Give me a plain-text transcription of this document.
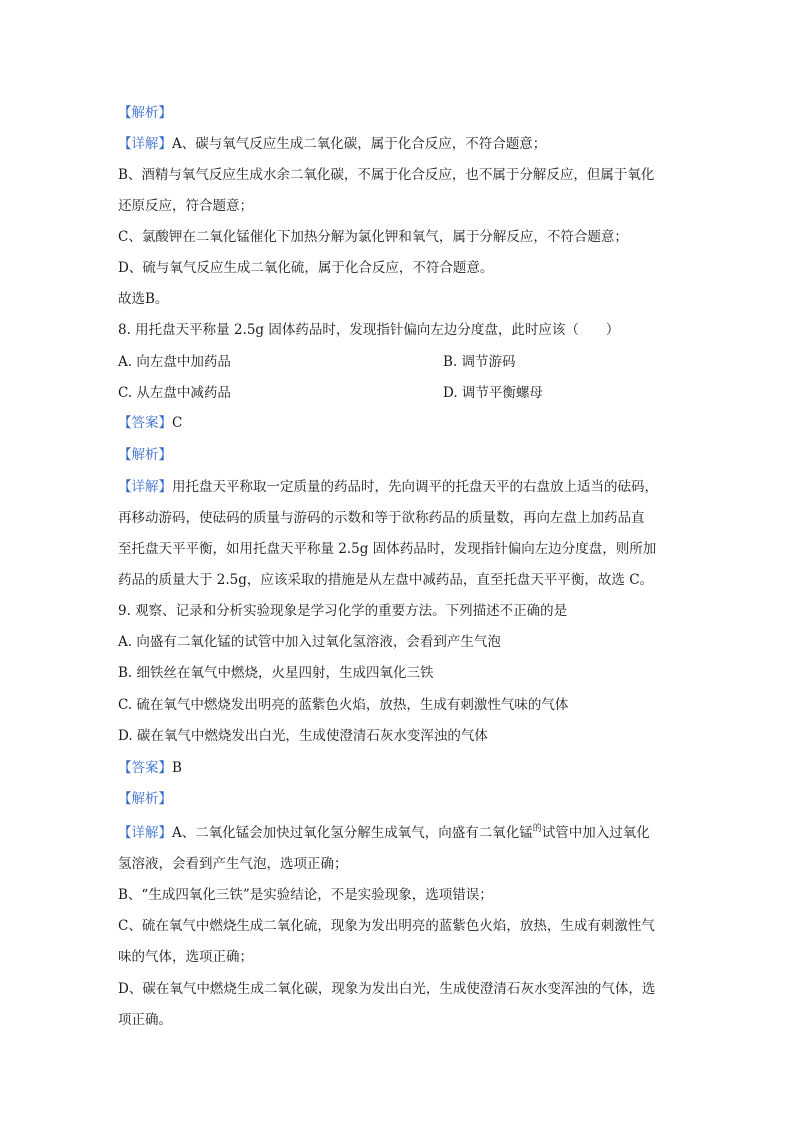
【解析】
【详解】A、碳与氧气反应生成二氧化碳，属于化合反应，不符合题意；
B、酒精与氧气反应生成水余二氧化碳，不属于化合反应，也不属于分解反应，但属于氧化
还原反应，符合题意；
C、氯酸钾在二氧化锰催化下加热分解为氯化钾和氧气，属于分解反应，不符合题意；
D、硫与氧气反应生成二氧化硫，属于化合反应，不符合题意。
故选B。
8. 用托盘天平称量 2.5g 固体药品时，发现指针偏向左边分度盘，此时应该（　　）
A. 向左盘中加药品	B. 调节游码
C. 从左盘中减药品	D. 调节平衡螺母
【答案】C
【解析】
【详解】用托盘天平称取一定质量的药品时，先向调平的托盘天平的右盘放上适当的砝码，
再移动游码，使砝码的质量与游码的示数和等于欲称药品的质量数，再向左盘上加药品直
至托盘天平平衡，如用托盘天平称量 2.5g 固体药品时，发现指针偏向左边分度盘，则所加
药品的质量大于 2.5g，应该采取的措施是从左盘中减药品，直至托盘天平平衡，故选 C。
9. 观察、记录和分析实验现象是学习化学的重要方法。下列描述不正确的是
A. 向盛有二氧化锰的试管中加入过氧化氢溶液，会看到产生气泡
B. 细铁丝在氧气中燃烧，火星四射，生成四氧化三铁
C. 硫在氧气中燃烧发出明亮的蓝紫色火焰，放热，生成有刺激性气味的气体
D. 碳在氧气中燃烧发出白光，生成使澄清石灰水变浑浊的气体
【答案】B
【解析】
【详解】A、二氧化锰会加快过氧化氢分解生成氧气，向盛有二氧化锰$^的$试管中加入过氧化
氢溶液，会看到产生气泡，选项正确；
B、“生成四氧化三铁”是实验结论，不是实验现象，选项错误；
C、硫在氧气中燃烧生成二氧化硫，现象为发出明亮的蓝紫色火焰，放热，生成有刺激性气
味的气体，选项正确；
D、碳在氧气中燃烧生成二氧化碳，现象为发出白光，生成使澄清石灰水变浑浊的气体，选
项正确。
